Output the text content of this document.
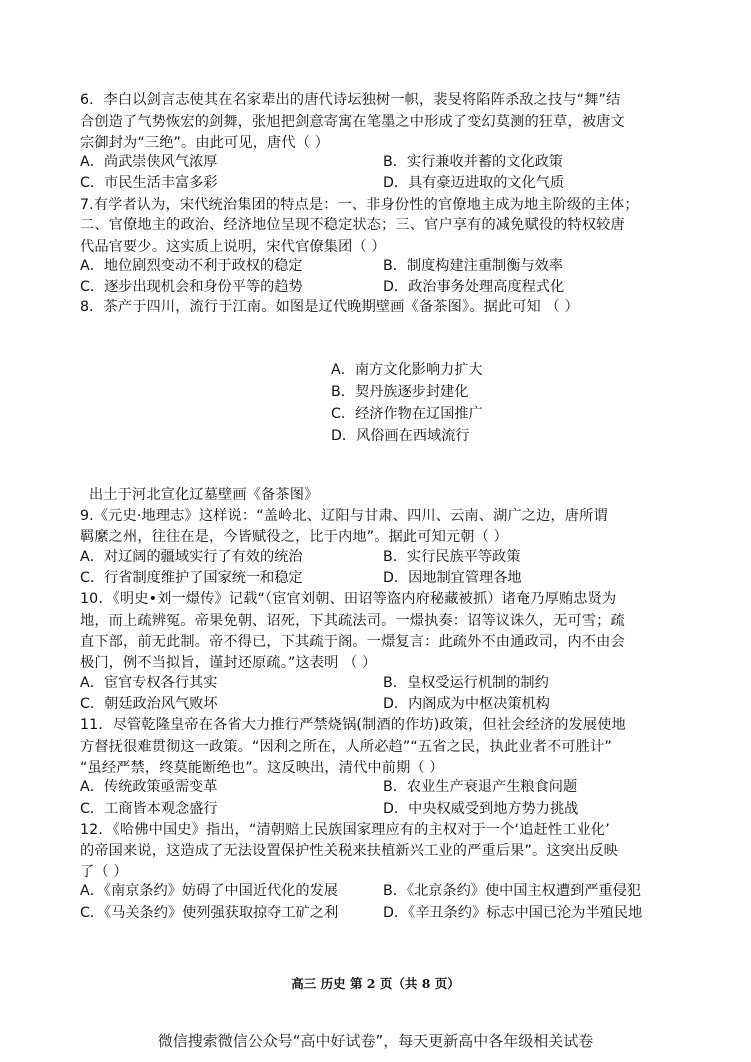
6．李白以剑言志使其在名家辈出的唐代诗坛独树一帜，裴旻将陷阵杀敌之技与“舞”结
合创造了气势恢宏的剑舞，张旭把剑意寄寓在笔墨之中形成了变幻莫测的狂草，被唐文
宗御封为“三绝”。由此可见，唐代（ ）
A．尚武崇侠风气浓厚	B．实行兼收并蓄的文化政策
C．市民生活丰富多彩	D．具有豪迈进取的文化气质
7.有学者认为，宋代统治集团的特点是：一、非身份性的官僚地主成为地主阶级的主体；
二、官僚地主的政治、经济地位呈现不稳定状态；三、官户享有的减免赋役的特权较唐
代品官要少。这实质上说明，宋代官僚集团（ ）
A．地位剧烈变动不利于政权的稳定	B．制度构建注重制衡与效率
C．逐步出现机会和身份平等的趋势	D．政治事务处理高度程式化
8．茶产于四川，流行于江南。如图是辽代晚期壁画《备茶图》。据此可知 （ ）
A．南方文化影响力扩大
B．契丹族逐步封建化
C．经济作物在辽国推广
D．风俗画在西域流行
出土于河北宣化辽墓壁画《备茶图》
9.《元史·地理志》这样说：“盖岭北、辽阳与甘肃、四川、云南、湖广之边，唐所谓
羁縻之州，往往在是，今皆赋役之，比于内地”。据此可知元朝（ ）
A．对辽阔的疆域实行了有效的统治	B．实行民族平等政策
C．行省制度维护了国家统一和稳定	D．因地制宜管理各地
10．《明史•刘一燝传》记载“（宦官刘朝、田诏等盗内府秘藏被抓）诸奄乃厚贿忠贤为
地，而上疏辨冤。帝果免朝、诏死，下其疏法司。一燝执奏：诏等议诛久，无可雪；疏
直下部，前无此制。帝不得已，下其疏于阁。一燝复言：此疏外不由通政司，内不由会
极门，例不当拟旨，谨封还原疏。”这表明 （ ）
A．宦官专权各行其实	B．皇权受运行机制的制约
C．朝廷政治风气败坏	D．内阁成为中枢决策机构
11．尽管乾隆皇帝在各省大力推行严禁烧锅(制酒的作坊)政策，但社会经济的发展使地
方督抚很难贯彻这一政策。“因利之所在，人所必趋”“五省之民，执此业者不可胜计”
“虽经严禁，终莫能断绝也”。这反映出，清代中前期（ ）
A．传统政策亟需变革	B．农业生产衰退产生粮食问题
C．工商皆本观念盛行	D．中央权威受到地方势力挑战
12．《哈佛中国史》指出，“清朝赔上民族国家理应有的主权对于一个‘追赶性工业化’
的帝国来说，这造成了无法设置保护性关税来扶植新兴工业的严重后果”。这突出反映
了（ ）
A．《南京条约》妨碍了中国近代化的发展	B．《北京条约》使中国主权遭到严重侵犯
C．《马关条约》使列强获取掠夺工矿之利	D．《辛丑条约》标志中国已沦为半殖民地
高三 历史 第 2 页（共 8 页）
微信搜索微信公众号“高中好试卷”，每天更新高中各年级相关试卷
